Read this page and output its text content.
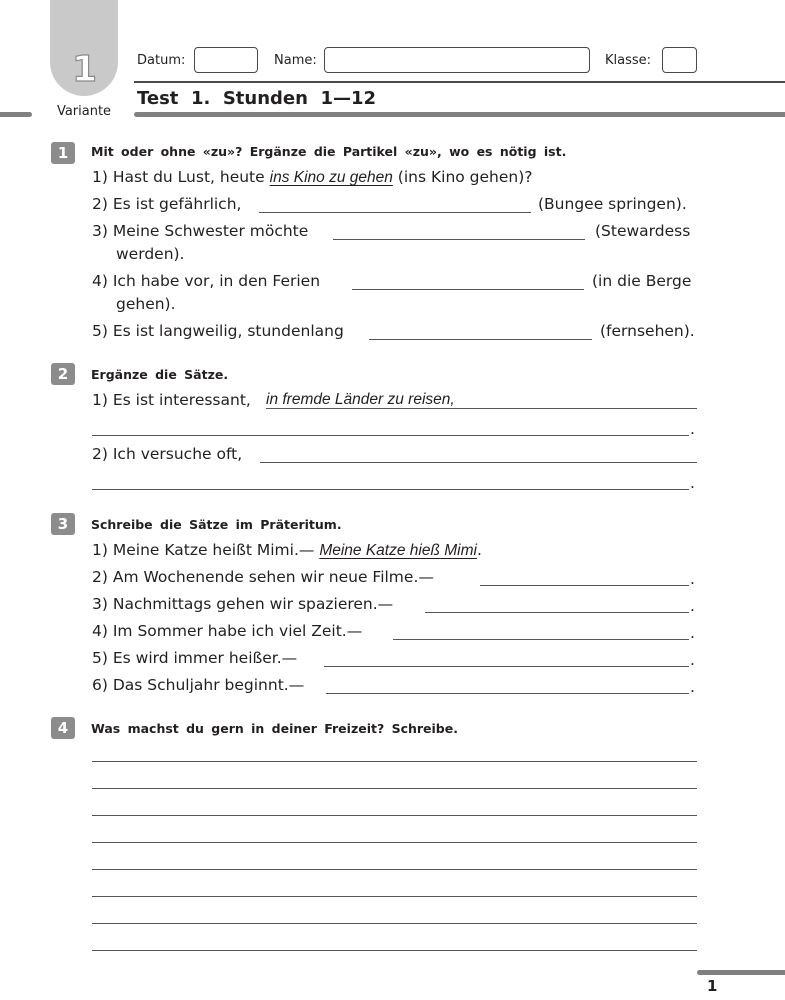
1
Variante
Datum:	Name:	Klasse:
Test  1.  Stunden  1—12
1	Mit oder ohne «zu»? Ergänze die Partikel «zu», wo es nötig ist.
1) Hast du Lust, heute ins Kino zu gehen (ins Kino gehen)?
2) Es ist gefährlich,	(Bungee springen).
3) Meine Schwester möchte	(Stewardess
werden).
4) Ich habe vor, in den Ferien	(in die Berge
gehen).
5) Es ist langweilig, stundenlang	(fernsehen).
2	Ergänze die Sätze.
1) Es ist interessant, in fremde Länder zu reisen,
.
2) Ich versuche oft,
.
3	Schreibe die Sätze im Präteritum.
1) Meine Katze heißt Mimi.— Meine Katze hieß Mimi.
2) Am Wochenende sehen wir neue Filme.—	.
3) Nachmittags gehen wir spazieren.—	.
4) Im Sommer habe ich viel Zeit.—	.
5) Es wird immer heißer.—	.
6) Das Schuljahr beginnt.—	.
4	Was machst du gern in deiner Freizeit? Schreibe.
1
